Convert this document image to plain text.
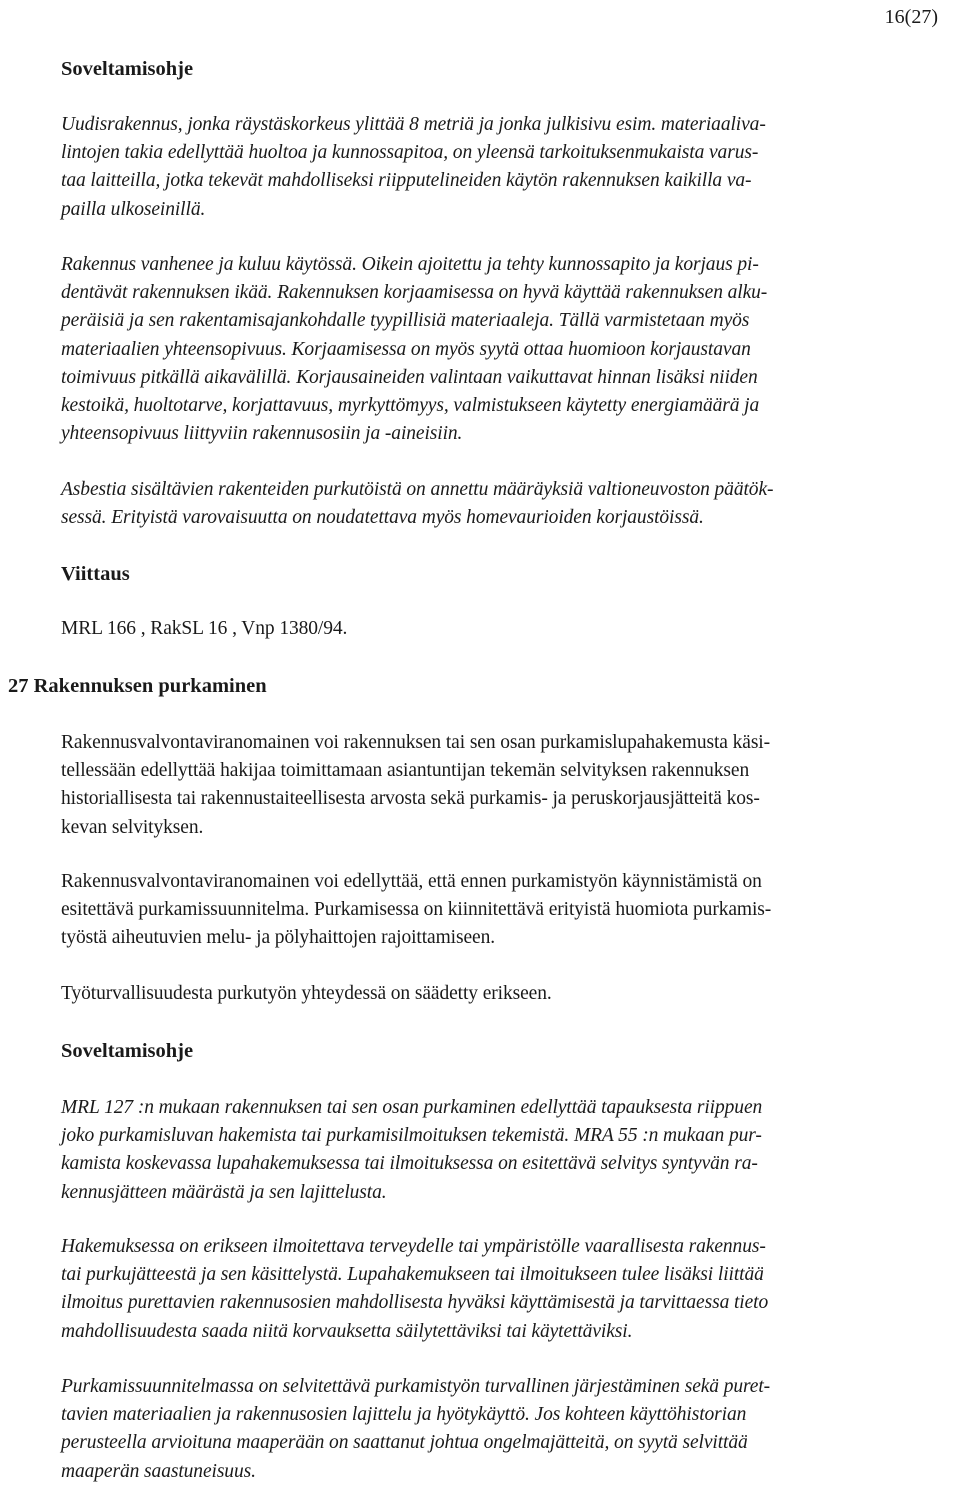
16(27)
Soveltamisohje
Uudisrakennus, jonka räystäskorkeus ylittää 8 metriä ja jonka julkisivu esim. materiaaliva-
lintojen takia edellyttää huoltoa ja kunnossapitoa, on yleensä tarkoituksenmukaista varus-
taa laitteilla, jotka tekevät mahdolliseksi riipputelineiden käytön rakennuksen kaikilla va-
pailla ulkoseinillä.
Rakennus vanhenee ja kuluu käytössä. Oikein ajoitettu ja tehty kunnossapito ja korjaus pi-
dentävät rakennuksen ikää. Rakennuksen korjaamisessa on hyvä käyttää rakennuksen alku-
peräisiä ja sen rakentamisajankohdalle tyypillisiä materiaaleja. Tällä varmistetaan myös
materiaalien yhteensopivuus. Korjaamisessa on myös syytä ottaa huomioon korjaustavan
toimivuus pitkällä aikavälillä. Korjausaineiden valintaan vaikuttavat hinnan lisäksi niiden
kestoikä, huoltotarve, korjattavuus, myrkyttömyys, valmistukseen käytetty energiamäärä ja
yhteensopivuus liittyviin rakennusosiin ja -aineisiin.
Asbestia sisältävien rakenteiden purkutöistä on annettu määräyksiä valtioneuvoston päätök-
sessä. Erityistä varovaisuutta on noudatettava myös homevaurioiden korjaustöissä.
Viittaus
MRL 166 , RakSL 16 , Vnp 1380/94.
27 Rakennuksen purkaminen
Rakennusvalvontaviranomainen voi rakennuksen tai sen osan purkamislupahakemusta käsi-
tellessään edellyttää hakijaa toimittamaan asiantuntijan tekemän selvityksen rakennuksen
historiallisesta tai rakennustaiteellisesta arvosta sekä purkamis- ja peruskorjausjätteitä kos-
kevan selvityksen.
Rakennusvalvontaviranomainen voi edellyttää, että ennen purkamistyön käynnistämistä on
esitettävä purkamissuunnitelma. Purkamisessa on kiinnitettävä erityistä huomiota purkamis-
työstä aiheutuvien melu- ja pölyhaittojen rajoittamiseen.
Työturvallisuudesta purkutyön yhteydessä on säädetty erikseen.
Soveltamisohje
MRL 127 :n mukaan rakennuksen tai sen osan purkaminen edellyttää tapauksesta riippuen
joko purkamisluvan hakemista tai purkamisilmoituksen tekemistä. MRA 55 :n mukaan pur-
kamista koskevassa lupahakemuksessa tai ilmoituksessa on esitettävä selvitys syntyvän ra-
kennusjätteen määrästä ja sen lajittelusta.
Hakemuksessa on erikseen ilmoitettava terveydelle tai ympäristölle vaarallisesta rakennus-
tai purkujätteestä ja sen käsittelystä. Lupahakemukseen tai ilmoitukseen tulee lisäksi liittää
ilmoitus purettavien rakennusosien mahdollisesta hyväksi käyttämisestä ja tarvittaessa tieto
mahdollisuudesta saada niitä korvauksetta säilytettäviksi tai käytettäviksi.
Purkamissuunnitelmassa on selvitettävä purkamistyön turvallinen järjestäminen sekä puret-
tavien materiaalien ja rakennusosien lajittelu ja hyötykäyttö. Jos kohteen käyttöhistorian
perusteella arvioituna maaperään on saattanut johtua ongelmajätteitä, on syytä selvittää
maaperän saastuneisuus.
